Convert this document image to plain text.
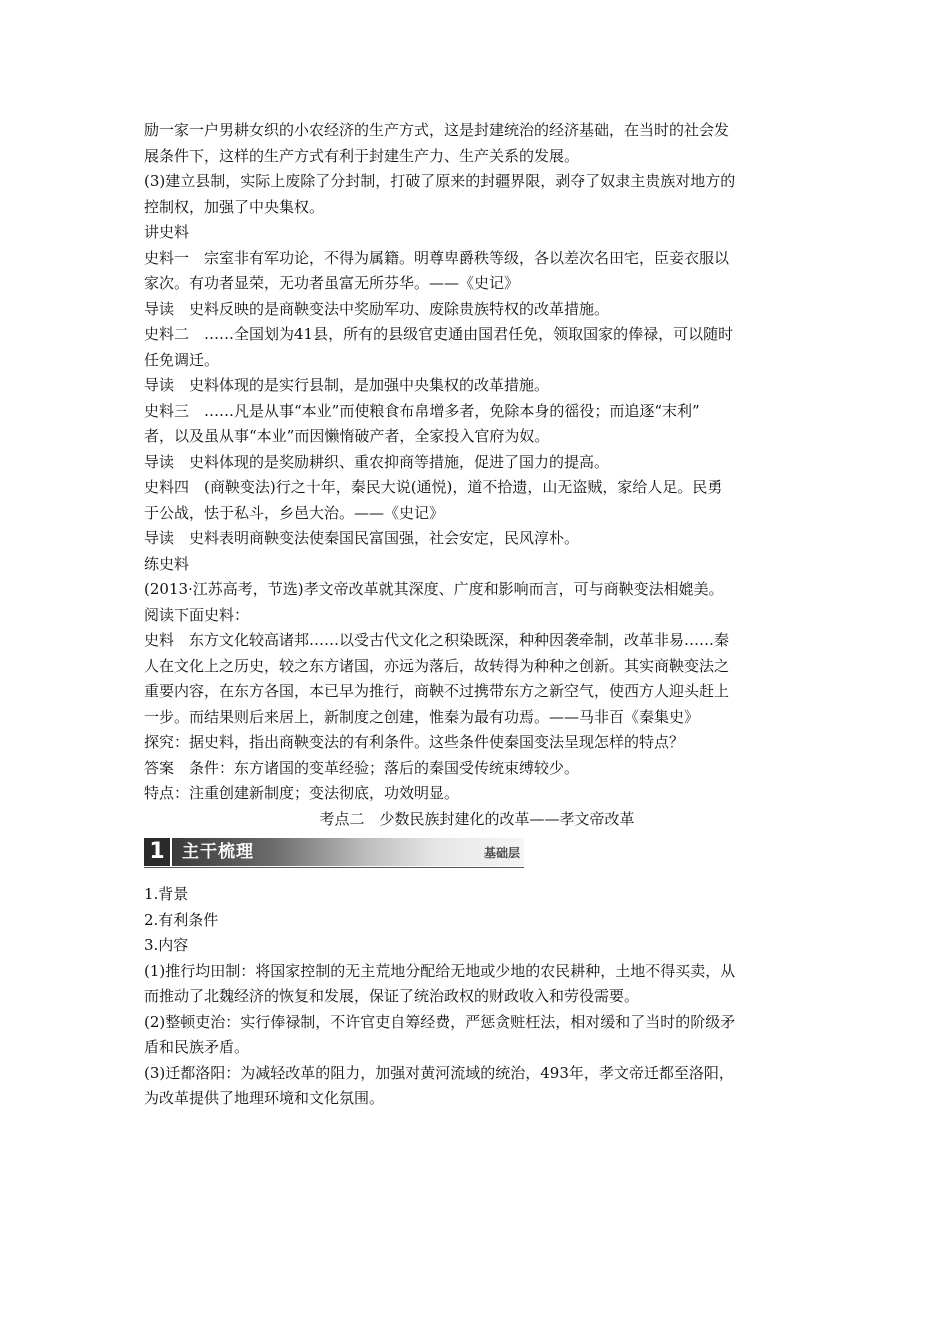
励一家一户男耕女织的小农经济的生产方式，这是封建统治的经济基础，在当时的社会发

展条件下，这样的生产方式有利于封建生产力、生产关系的发展。

(3)建立县制，实际上废除了分封制，打破了原来的封疆界限，剥夺了奴隶主贵族对地方的

控制权，加强了中央集权。

讲史料

史料一　宗室非有军功论，不得为属籍。明尊卑爵秩等级，各以差次名田宅，臣妾衣服以

家次。有功者显荣，无功者虽富无所芬华。——《史记》

导读　史料反映的是商鞅变法中奖励军功、废除贵族特权的改革措施。

史料二　……全国划为41县，所有的县级官吏通由国君任免，领取国家的俸禄，可以随时

任免调迁。

导读　史料体现的是实行县制，是加强中央集权的改革措施。

史料三　……凡是从事“本业”而使粮食布帛增多者，免除本身的徭役；而追逐“末利”

者，以及虽从事“本业”而因懒惰破产者，全家投入官府为奴。

导读　史料体现的是奖励耕织、重农抑商等措施，促进了国力的提高。

史料四　(商鞅变法)行之十年，秦民大说(通悦)，道不拾遗，山无盗贼，家给人足。民勇

于公战，怯于私斗，乡邑大治。——《史记》

导读　史料表明商鞅变法使秦国民富国强，社会安定，民风淳朴。

练史料

(2013·江苏高考，节选)孝文帝改革就其深度、广度和影响而言，可与商鞅变法相媲美。

阅读下面史料：

史料　东方文化较高诸邦……以受古代文化之积染既深，种种因袭牵制，改革非易……秦

人在文化上之历史，较之东方诸国，亦远为落后，故转得为种种之创新。其实商鞅变法之

重要内容，在东方各国，本已早为推行，商鞅不过携带东方之新空气，使西方人迎头赶上

一步。而结果则后来居上，新制度之创建，惟秦为最有功焉。——马非百《秦集史》

探究：据史料，指出商鞅变法的有利条件。这些条件使秦国变法呈现怎样的特点？

答案　条件：东方诸国的变革经验；落后的秦国受传统束缚较少。

特点：注重创建新制度；变法彻底，功效明显。

考点二　少数民族封建化的改革——孝文帝改革

1	主干梳理	基础层

1.背景

2.有利条件

3.内容

(1)推行均田制：将国家控制的无主荒地分配给无地或少地的农民耕种，土地不得买卖，从

而推动了北魏经济的恢复和发展，保证了统治政权的财政收入和劳役需要。

(2)整顿吏治：实行俸禄制，不许官吏自筹经费，严惩贪赃枉法，相对缓和了当时的阶级矛

盾和民族矛盾。

(3)迁都洛阳：为减轻改革的阻力，加强对黄河流域的统治，493年，孝文帝迁都至洛阳，

为改革提供了地理环境和文化氛围。
